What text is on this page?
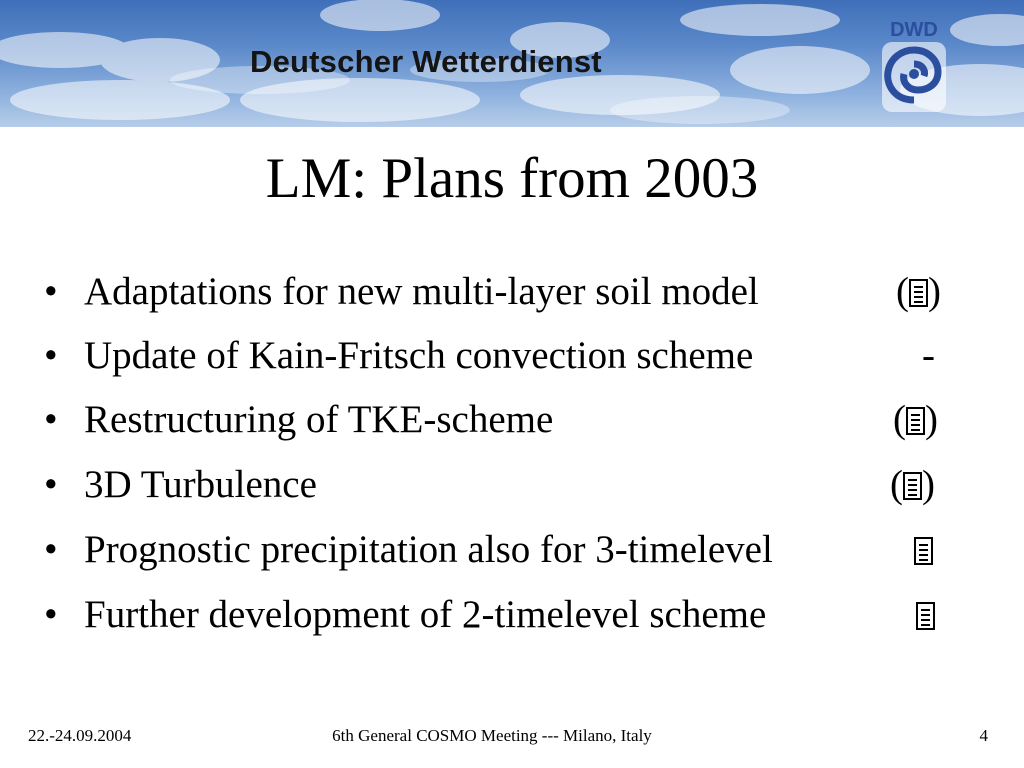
Deutscher Wetterdienst
DWD
LM: Plans from 2003
• Adaptations for new multi-layer soil model	( )
• Update of Kain-Fritsch convection scheme	-
• Restructuring of TKE-scheme	( )
• 3D Turbulence	( )
• Prognostic precipitation also for 3-timelevel
• Further development of 2-timelevel scheme
22.-24.09.2004	6th General COSMO Meeting --- Milano, Italy	4
